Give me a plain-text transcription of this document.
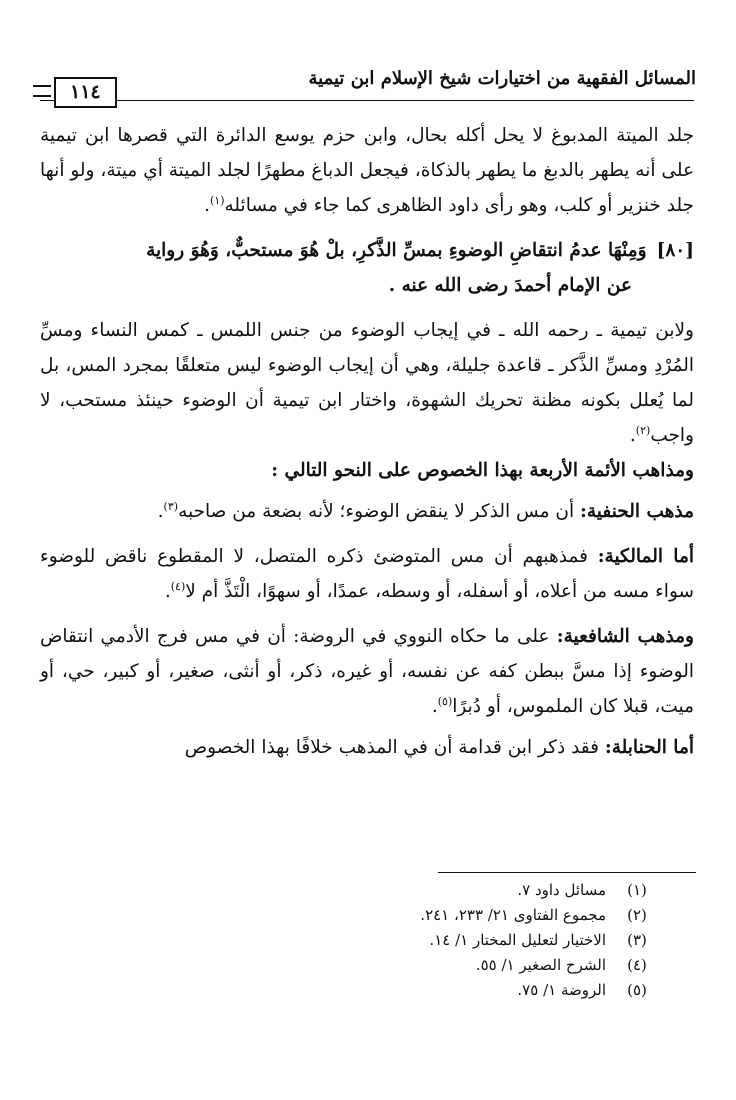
المسائل الفقهية من اختيارات شيخ الإسلام ابن تيمية
١١٤

جلد الميتة المدبوغ لا يحل أكله بحال، وابن حزم يوسع الدائرة التي قصرها ابن تيمية على أنه يطهر بالدبغ ما يطهر بالذكاة، فيجعل الدباغ مطهرًا لجلد الميتة أي ميتة، ولو أنها جلد خنزير أو كلب، وهو رأى داود الظاهرى كما جاء في مسائله$^{(١)}$.

[٨٠]وَمِنْهَا عدمُ انتقاضِ الوضوءِ بمسِّ الذَّكرِ، بلْ هُوَ مستحبٌّ، وَهُوَ رواية

عن الإمام أحمدَ رضى الله عنه .

ولابن تيمية ـ رحمه الله ـ في إيجاب الوضوء من جنس اللمس ـ كمس النساء ومسِّ المُرْدِ ومسِّ الذَّكر ـ قاعدة جليلة، وهي أن إيجاب الوضوء ليس متعلقًا بمجرد المس، بل لما يُعلل بكونه مظنة تحريك الشهوة، واختار ابن تيمية أن الوضوء حينئذ مستحب، لا واجب$^{(٢)}$.

ومذاهب الأئمة الأربعة بهذا الخصوص على النحو التالي :

مذهب الحنفية: أن مس الذكر لا ينقض الوضوء؛ لأنه بضعة من صاحبه$^{(٣)}$.

أما المالكية: فمذهبهم أن مس المتوضئ ذكره المتصل، لا المقطوع ناقض للوضوء سواء مسه من أعلاه، أو أسفله، أو وسطه، عمدًا، أو سهوًا، الْتَذَّ أم لا$^{(٤)}$.

ومذهب الشافعية: على ما حكاه النووي في الروضة: أن في مس فرج الأدمي انتقاض الوضوء إذا مسَّ ببطن كفه عن نفسه، أو غيره، ذكر، أو أنثى، صغير، أو كبير، حي، أو ميت، قبلا كان الملموس، أو دُبرًا$^{(٥)}$.

أما الحنابلة: فقد ذكر ابن قدامة أن في المذهب خلافًا بهذا الخصوص

(١)
مسائل داود ٧.
(٢)
مجموع الفتاوى ٢١/ ٢٣٣، ٢٤١.
(٣)
الاختيار لتعليل المختار ١/ ١٤.
(٤)
الشرح الصغير ١/ ٥٥.
(٥)
الروضة ١/ ٧٥.
